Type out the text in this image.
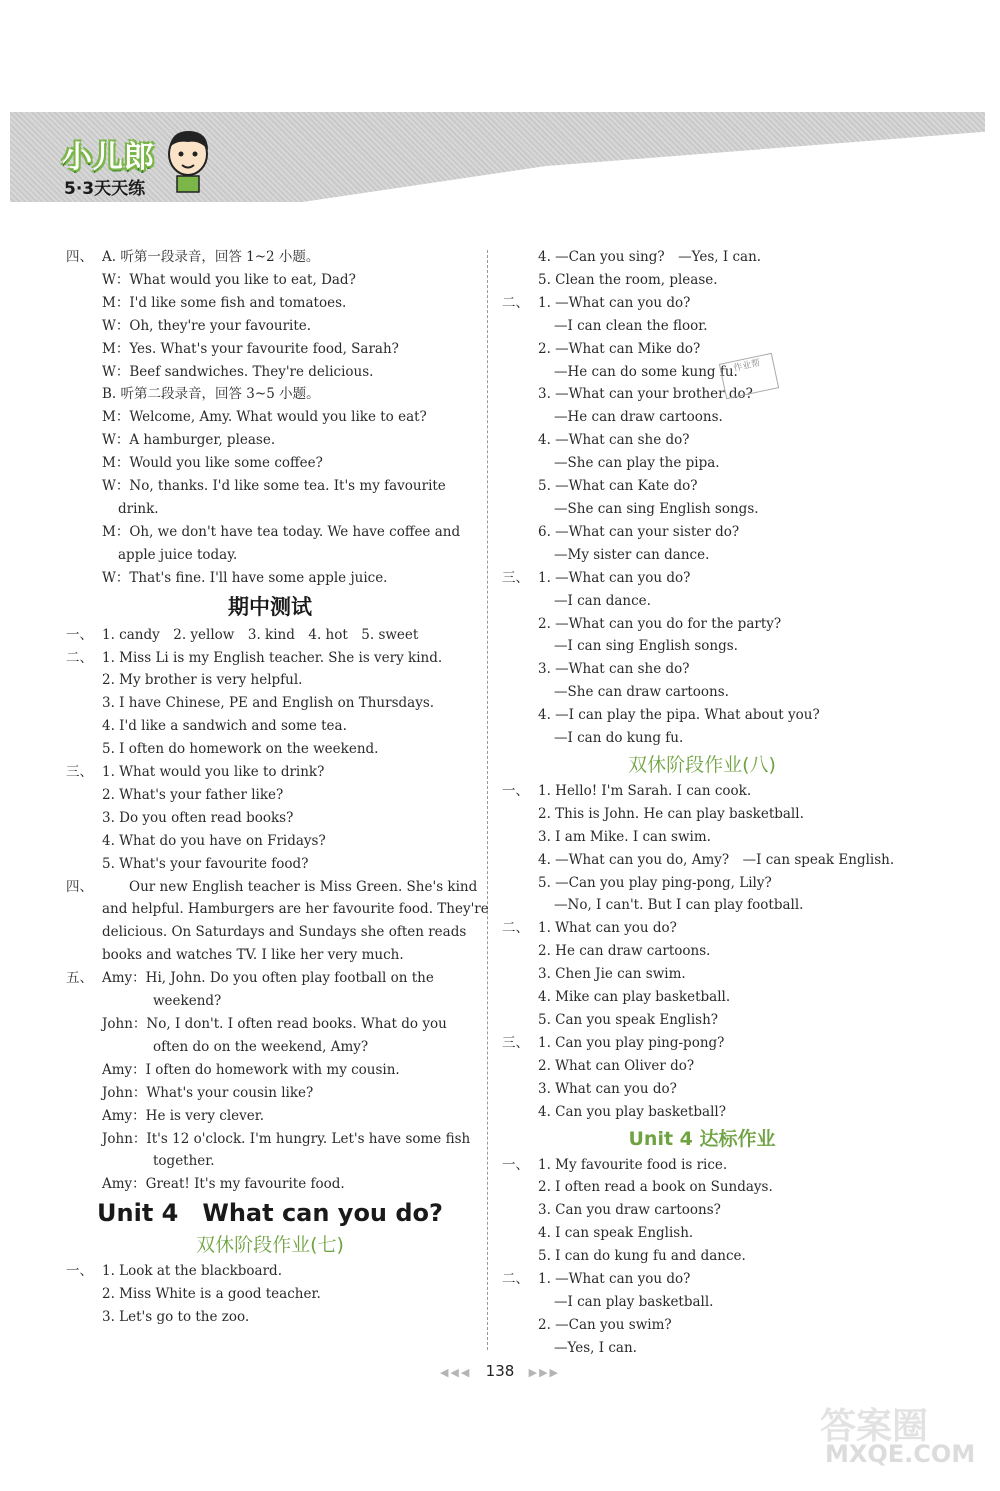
小儿郎
5·3天天练
四、 A. 听第一段录音，回答 1~2 小题。
W：What would you like to eat, Dad?
M：I'd like some fish and tomatoes.
W：Oh, they're your favourite.
M：Yes. What's your favourite food, Sarah?
W：Beef sandwiches. They're delicious.
B. 听第二段录音，回答 3~5 小题。
M：Welcome, Amy. What would you like to eat?
W：A hamburger, please.
M：Would you like some coffee?
W：No, thanks. I'd like some tea. It's my favourite
drink.
M：Oh, we don't have tea today. We have coffee and
apple juice today.
W：That's fine. I'll have some apple juice.
期中测试
一、 1. candy　2. yellow　3. kind　4. hot　5. sweet
二、 1. Miss Li is my English teacher. She is very kind.
2. My brother is very helpful.
3. I have Chinese, PE and English on Thursdays.
4. I'd like a sandwich and some tea.
5. I often do homework on the weekend.
三、 1. What would you like to drink?
2. What's your father like?
3. Do you often read books?
4. What do you have on Fridays?
5. What's your favourite food?
四、 　　Our new English teacher is Miss Green. She's kind
and helpful. Hamburgers are her favourite food. They're
delicious. On Saturdays and Sundays she often reads
books and watches TV. I like her very much.
五、 Amy：Hi, John. Do you often play football on the
　　weekend?
John：No, I don't. I often read books. What do you
　　often do on the weekend, Amy?
Amy：I often do homework with my cousin.
John：What's your cousin like?
Amy：He is very clever.
John：It's 12 o'clock. I'm hungry. Let's have some fish
　　together.
Amy：Great! It's my favourite food.
Unit 4　What can you do?
双休阶段作业(七)
一、 1. Look at the blackboard.
2. Miss White is a good teacher.
3. Let's go to the zoo.
4. —Can you sing?　—Yes, I can.
5. Clean the room, please.
二、 1. —What can you do?
—I can clean the floor.
2. —What can Mike do?
—He can do some kung fu.
3. —What can your brother do?
—He can draw cartoons.
4. —What can she do?
—She can play the pipa.
5. —What can Kate do?
—She can sing English songs.
6. —What can your sister do?
—My sister can dance.
三、 1. —What can you do?
—I can dance.
2. —What can you do for the party?
—I can sing English songs.
3. —What can she do?
—She can draw cartoons.
4. —I can play the pipa. What about you?
—I can do kung fu.
双休阶段作业(八)
一、 1. Hello! I'm Sarah. I can cook.
2. This is John. He can play basketball.
3. I am Mike. I can swim.
4. —What can you do, Amy?　—I can speak English.
5. —Can you play ping-pong, Lily?
—No, I can't. But I can play football.
二、 1. What can you do?
2. He can draw cartoons.
3. Chen Jie can swim.
4. Mike can play basketball.
5. Can you speak English?
三、 1. Can you play ping-pong?
2. What can Oliver do?
3. What can you do?
4. Can you play basketball?
Unit 4 达标作业
一、 1. My favourite food is rice.
2. I often read a book on Sundays.
3. Can you draw cartoons?
4. I can speak English.
5. I can do kung fu and dance.
二、 1. —What can you do?
—I can play basketball.
2. —Can you swim?
—Yes, I can.
作业帮
◀◀◀ 138 ▶▶▶
答案圈
MXQE.COM
